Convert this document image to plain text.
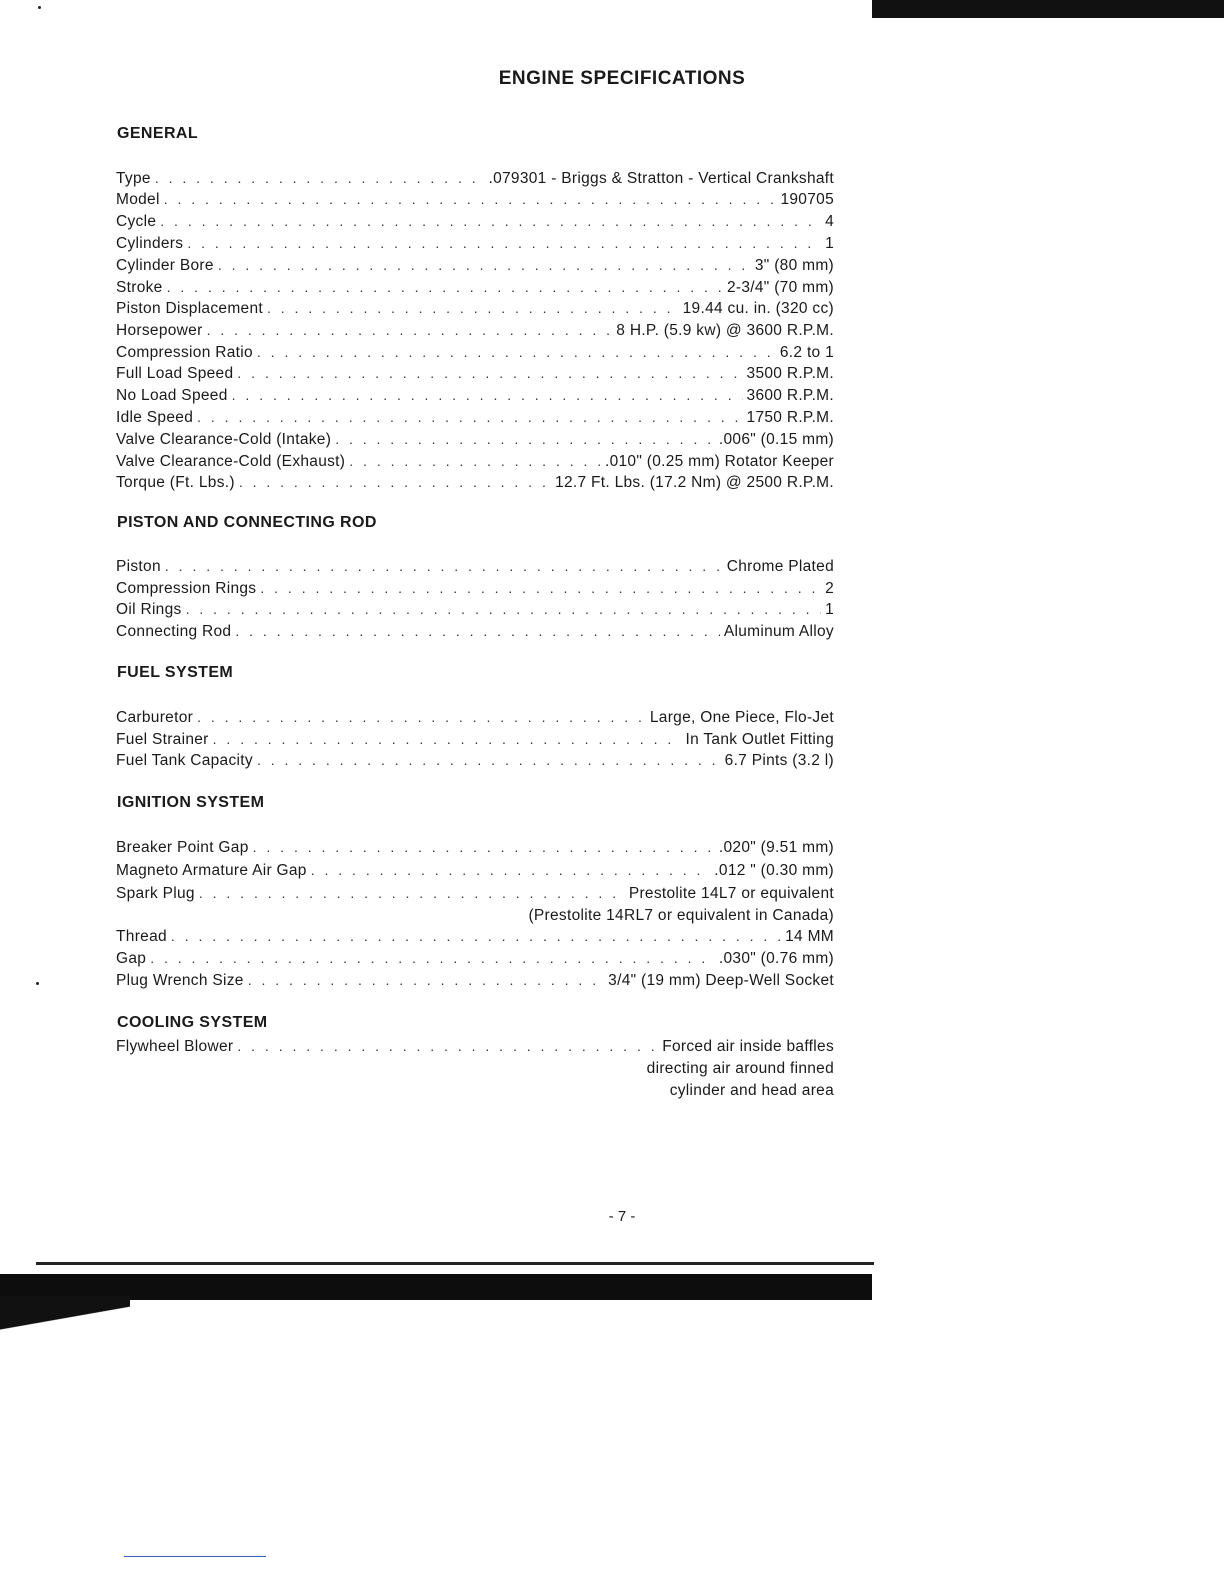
ENGINE SPECIFICATIONS
GENERAL
Type . . .	.079301 - Briggs & Stratton - Vertical Crankshaft
Model . . .	190705
Cycle . . .	4
Cylinders . . .	1
Cylinder Bore . . .	3" (80 mm)
Stroke . . .	2-3/4" (70 mm)
Piston Displacement . . .	19.44 cu. in. (320 cc)
Horsepower . . .	8 H.P. (5.9 kw) @ 3600 R.P.M.
Compression Ratio . . .	6.2 to 1
Full Load Speed . . .	3500 R.P.M.
No Load Speed . . .	3600 R.P.M.
Idle Speed . . .	1750 R.P.M.
Valve Clearance-Cold (Intake) . . .	.006" (0.15 mm)
Valve Clearance-Cold (Exhaust) . . .	.010" (0.25 mm) Rotator Keeper
Torque (Ft. Lbs.) . . .	12.7 Ft. Lbs. (17.2 Nm) @ 2500 R.P.M.
PISTON AND CONNECTING ROD
Piston . . .	Chrome Plated
Compression Rings . . .	2
Oil Rings . . .	1
Connecting Rod . . .	Aluminum Alloy
FUEL SYSTEM
Carburetor . . .	Large, One Piece, Flo-Jet
Fuel Strainer . . .	In Tank Outlet Fitting
Fuel Tank Capacity . . .	6.7 Pints (3.2 l)
IGNITION SYSTEM
Breaker Point Gap . . .	.020" (9.51 mm)
Magneto Armature Air Gap . . .	.012 " (0.30 mm)
Spark Plug . . .	Prestolite 14L7 or equivalent
(Prestolite 14RL7 or equivalent in Canada)
Thread . . .	14 MM
Gap . . .	.030" (0.76 mm)
Plug Wrench Size . . .	3/4" (19 mm) Deep-Well Socket
COOLING SYSTEM
Flywheel Blower . . .	Forced air inside baffles
directing air around finned
cylinder and head area
- 7 -
